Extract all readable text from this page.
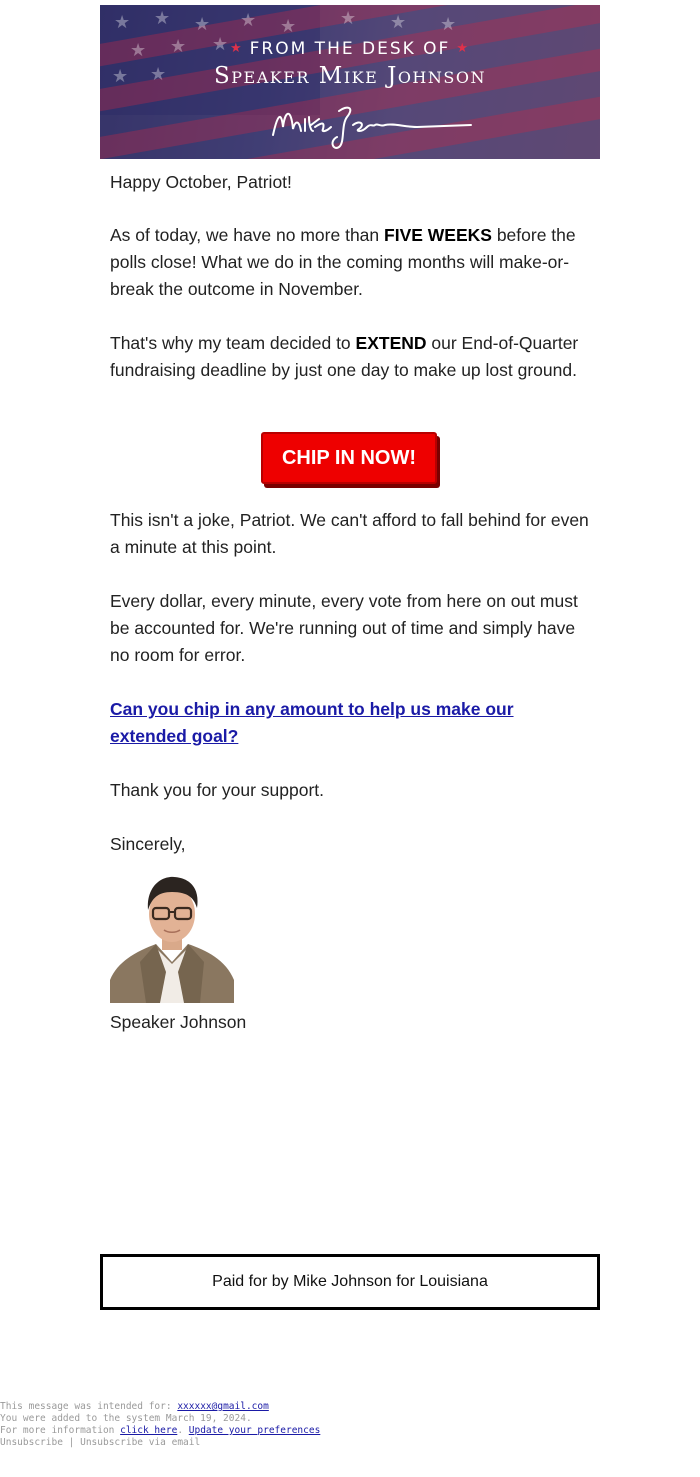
★ ★ ★
★ ★ ★
★ ★
★ ★ ★ ★ ★
★ FROM THE DESK OF ★
Speaker Mike Johnson

Happy October, Patriot!

As of today, we have no more than FIVE WEEKS before the polls close! What we do in the coming months will make-or-break the outcome in November.

That's why my team decided to EXTEND our End-of-Quarter fundraising deadline by just one day to make up lost ground.

CHIP IN NOW!

This isn't a joke, Patriot. We can't afford to fall behind for even a minute at this point.

Every dollar, every minute, every vote from here on out must be accounted for. We're running out of time and simply have no room for error.

Can you chip in any amount to help us make our extended goal?

Thank you for your support.

Sincerely,

Speaker Johnson

Paid for by Mike Johnson for Louisiana
This message was intended for: xxxxxx@gmail.com
You were added to the system March 19, 2024.
For more information click here. Update your preferences
Unsubscribe | Unsubscribe via email
